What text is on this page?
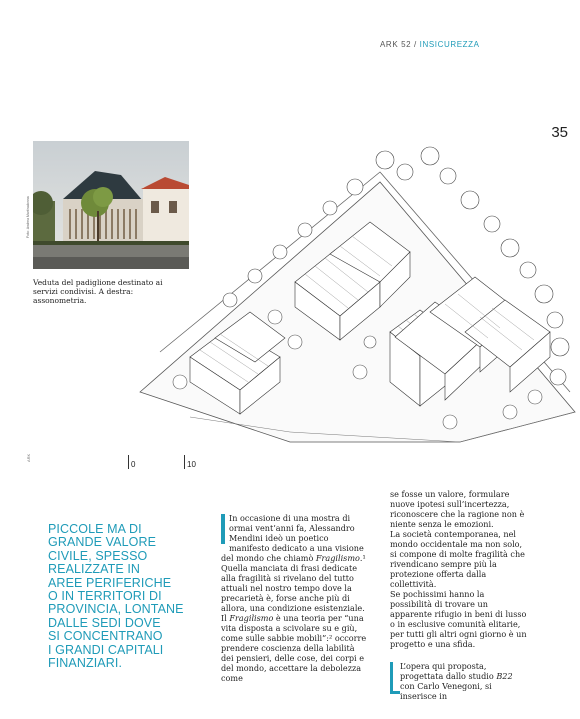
ARK 52 / INSICUREZZA
35
Foto: Andrea Martiradonna
Veduta del padiglione destinato ai servizi condivisi. A destra: assonometria.
0	10
ARK
PICCOLE MA DI
GRANDE VALORE
CIVILE, SPESSO
REALIZZATE IN
AREE PERIFERICHE
O IN TERRITORI DI
PROVINCIA, LONTANE
DALLE SEDI DOVE
SI CONCENTRANO
I GRANDI CAPITALI
FINANZIARI.

In occasione di una mostra di ormai vent’anni fa, Alessandro Mendini ideò un poetico manifesto dedicato a una visione del mondo che chiamò Fragilismo.¹ Quella manciata di frasi dedicate alla fragilità si rivelano del tutto attuali nel nostro tempo dove la precarietà è, forse anche più di allora, una condizione esistenziale.

Il Fragilismo è una teoria per “una vita disposta a scivolare su e giù, come sulle sabbie mobili”:² occorre prendere coscienza della labilità dei pensieri, delle cose, dei corpi e del mondo, accettare la debolezza come

se fosse un valore, formulare nuove ipotesi sull’incertezza, riconoscere che la ragione non è niente senza le emozioni.

La società contemporanea, nel mondo occidentale ma non solo, si compone di molte fragilità che rivendicano sempre più la protezione offerta dalla collettività.

Se pochissimi hanno la possibilità di trovare un apparente rifugio in beni di lusso o in esclusive comunità elitarie, per tutti gli altri ogni giorno è un progetto e una sfida.

L’opera qui proposta, progettata dallo studio B22 con Carlo Venegoni, si inserisce in
